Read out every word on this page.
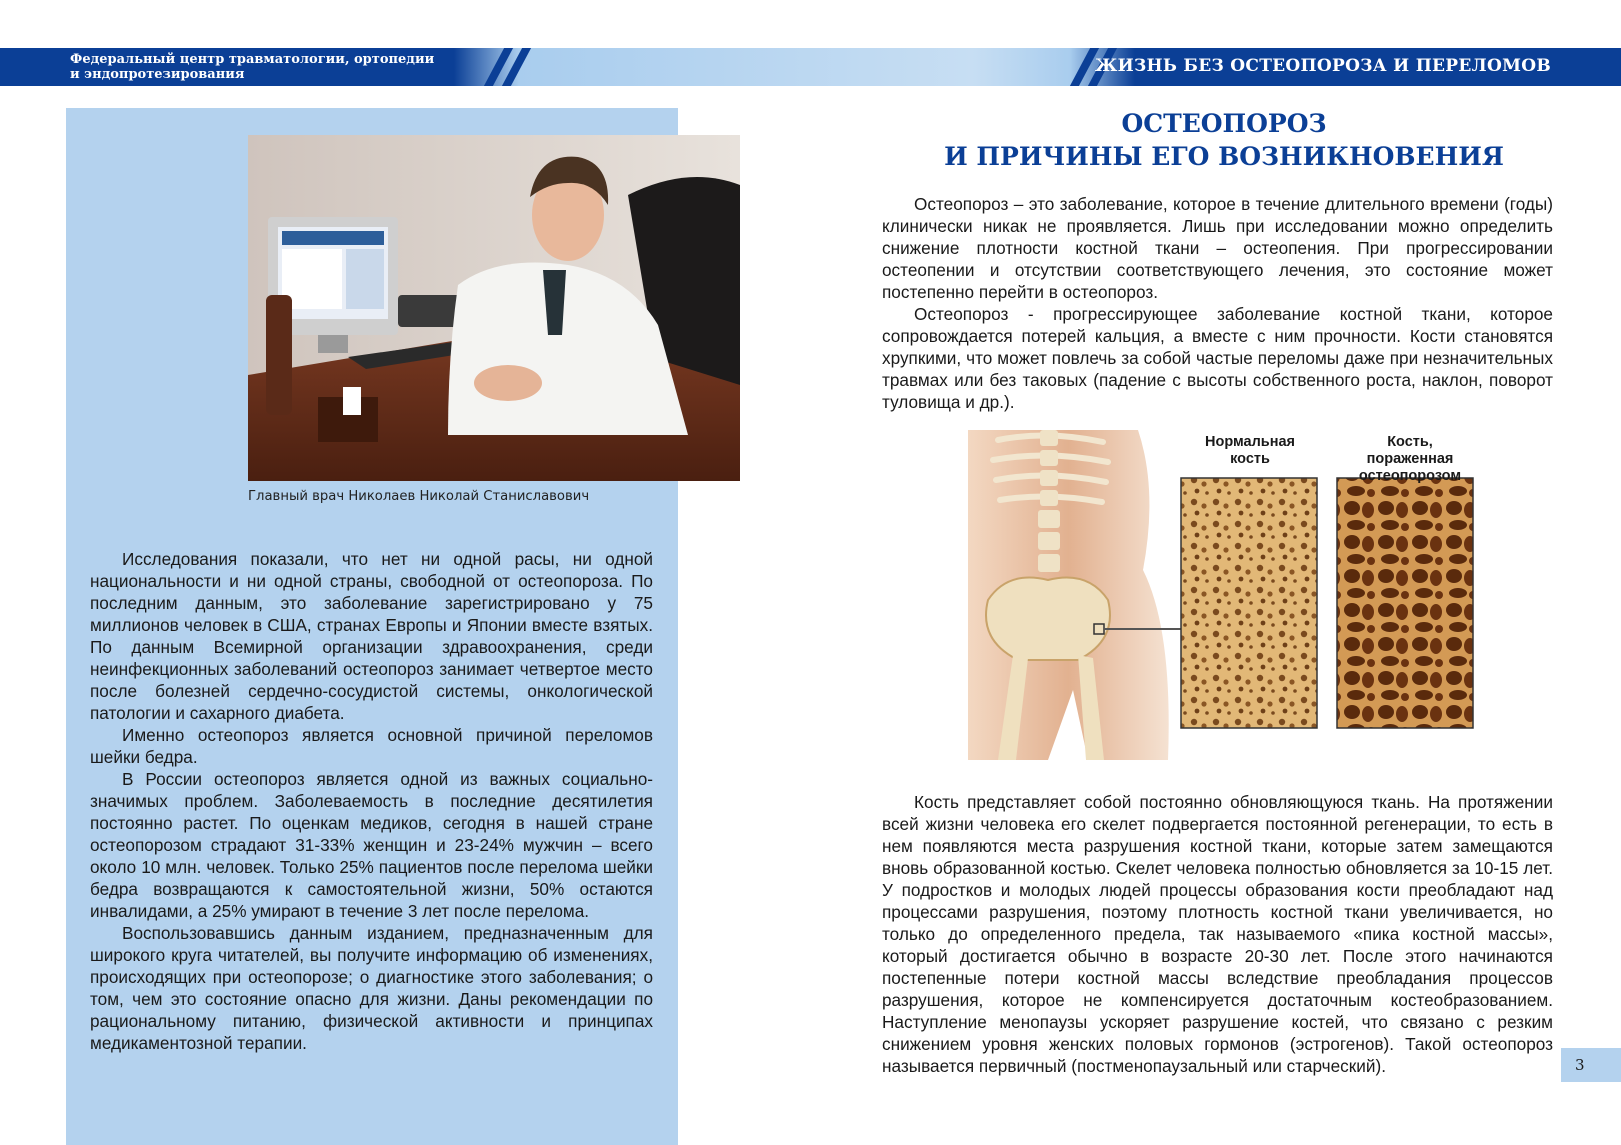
Федеральный центр травматологии, ортопедии
и эндопротезирования	ЖИЗНЬ БЕЗ ОСТЕОПОРОЗА И ПЕРЕЛОМОВ
Главный врач Николаев Николай Станиславович

Исследования показали, что нет ни одной расы, ни одной национальности и ни одной страны, свободной от остеопороза. По последним данным, это заболевание зарегистрировано у 75 миллионов человек в США, странах Европы и Японии вместе взятых. По данным Всемирной организации здравоохранения, среди неинфекционных заболеваний остеопороз занимает четвертое место после болезней сердечно-сосудистой системы, онкологической патологии и сахарного диабета.

Именно остеопороз является основной причиной переломов шейки бедра.

В России остеопороз является одной из важных социально-значимых проблем. Заболеваемость в последние десятилетия постоянно растет. По оценкам медиков, сегодня в нашей стране остеопорозом страдают 31-33% женщин и 23-24% мужчин – всего около 10 млн. человек. Только 25% пациентов после перелома шейки бедра возвращаются к самостоятельной жизни, 50% остаются инвалидами, а 25% умирают в течение 3 лет после перелома.

Воспользовавшись данным изданием, предназначенным для широкого круга читателей, вы получите информацию об изменениях, происходящих при остеопорозе; о диагностике этого заболевания; о том, чем это состояние опасно для жизни. Даны рекомендации по рациональному питанию, физической активности и принципах медикаментозной терапии.

ОСТЕОПОРОЗ
И ПРИЧИНЫ ЕГО ВОЗНИКНОВЕНИЯ

Остеопороз – это заболевание, которое в течение длительного времени (годы) клинически никак не проявляется. Лишь при исследовании можно определить снижение плотности костной ткани – остеопения. При прогрессировании остеопении и отсутствии соответствующего лечения, это состояние может постепенно перейти в остеопороз.

Остеопороз - прогрессирующее заболевание костной ткани, которое сопровождается потерей кальция, а вместе с ним прочности. Кости становятся хрупкими, что может повлечь за собой частые переломы даже при незначительных травмах или без таковых (падение с высоты собственного роста, наклон, поворот туловища и др.).

Нормальная
кость
Кость,
пораженная
остеопорозом

Кость представляет собой постоянно обновляющуюся ткань. На протяжении всей жизни человека его скелет подвергается постоянной регенерации, то есть в нем появляются места разрушения костной ткани, которые затем замещаются вновь образованной костью. Скелет человека полностью обновляется за 10-15 лет. У подростков и молодых людей процессы образования кости преобладают над процессами разрушения, поэтому плотность костной ткани увеличивается, но только до определенного предела, так называемого «пика костной массы», который достигается обычно в возрасте 20-30 лет. После этого начинаются постепенные потери костной массы вследствие преобладания процессов разрушения, которое не компенсируется достаточным костеобразованием. Наступление менопаузы ускоряет разрушение костей, что связано с резким снижением уровня женских половых гормонов (эстрогенов). Такой остеопороз называется первичный (постменопаузальный или старческий).	3
